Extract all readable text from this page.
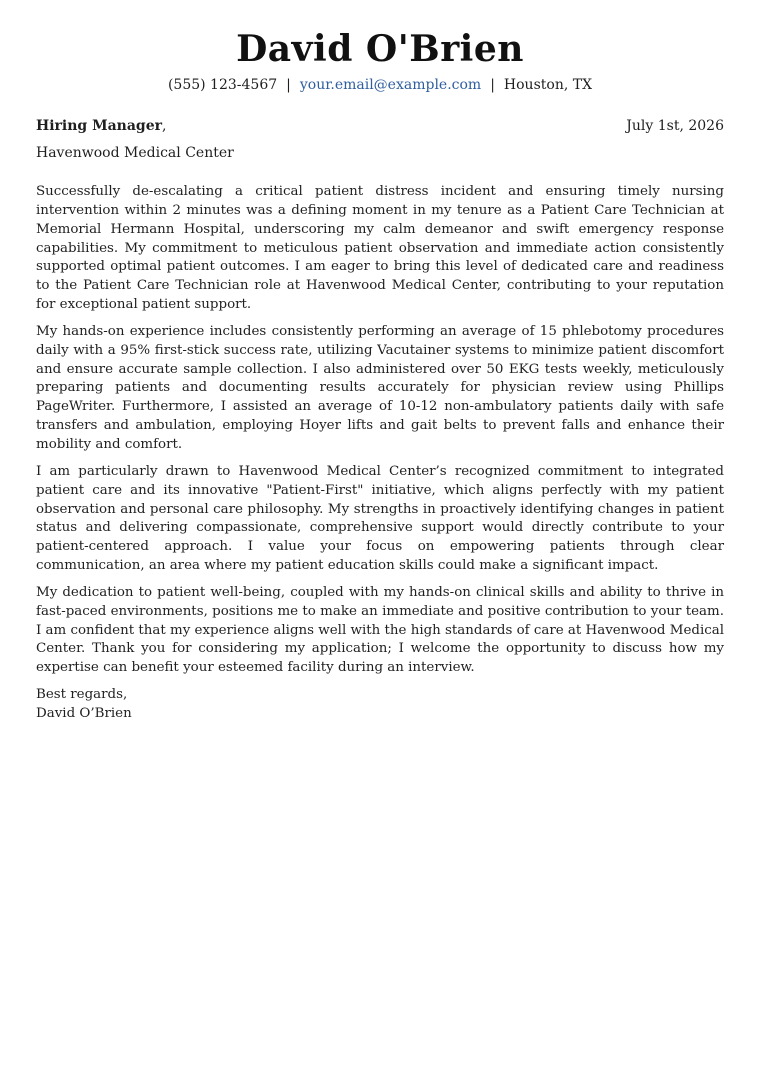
David O'Brien
(555) 123-4567 | your.email@example.com | Houston, TX
Hiring Manager,	July 1st, 2026
Havenwood Medical Center

Successfully de-escalating a critical patient distress incident and ensuring timely nursing intervention within 2 minutes was a defining moment in my tenure as a Patient Care Technician at Memorial Hermann Hospital, underscoring my calm demeanor and swift emergency response capabilities. My commitment to meticulous patient observation and immediate action consistently supported optimal patient outcomes. I am eager to bring this level of dedicated care and readiness to the Patient Care Technician role at Havenwood Medical Center, contributing to your reputation for exceptional patient support.

My hands-on experience includes consistently performing an average of 15 phlebotomy procedures daily with a 95% first-stick success rate, utilizing Vacutainer systems to minimize patient discomfort and ensure accurate sample collection. I also administered over 50 EKG tests weekly, meticulously preparing patients and documenting results accurately for physician review using Phillips PageWriter. Furthermore, I assisted an average of 10-12 non-ambulatory patients daily with safe transfers and ambulation, employing Hoyer lifts and gait belts to prevent falls and enhance their mobility and comfort.

I am particularly drawn to Havenwood Medical Center’s recognized commitment to integrated patient care and its innovative "Patient-First" initiative, which aligns perfectly with my patient observation and personal care philosophy. My strengths in proactively identifying changes in patient status and delivering compassionate, comprehensive support would directly contribute to your patient-centered approach. I value your focus on empowering patients through clear communication, an area where my patient education skills could make a significant impact.

My dedication to patient well-being, coupled with my hands-on clinical skills and ability to thrive in fast-paced environments, positions me to make an immediate and positive contribution to your team. I am confident that my experience aligns well with the high standards of care at Havenwood Medical Center. Thank you for considering my application; I welcome the opportunity to discuss how my expertise can benefit your esteemed facility during an interview.

Best regards,
David O’Brien
